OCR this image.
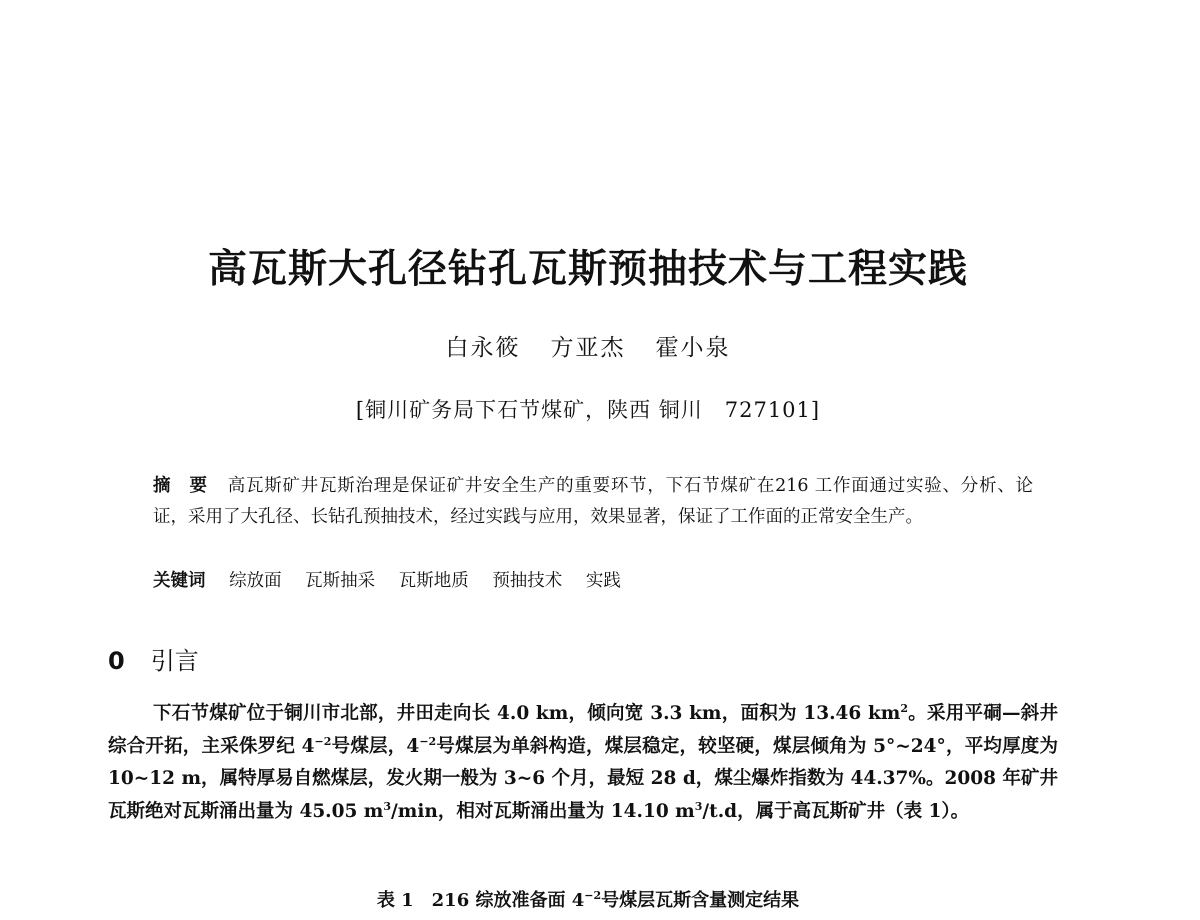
高瓦斯大孔径钻孔瓦斯预抽技术与工程实践
白永筱 方亚杰 霍小泉
[铜川矿务局下石节煤矿，陕西 铜川　727101]
摘　要 高瓦斯矿井瓦斯治理是保证矿井安全生产的重要环节，下石节煤矿在216 工作面通过实验、分析、论证，采用了大孔径、长钻孔预抽技术，经过实践与应用，效果显著，保证了工作面的正常安全生产。
关键词 综放面 瓦斯抽采 瓦斯地质 预抽技术 实践
0 引言

下石节煤矿位于铜川市北部，井田走向长 4.0 km，倾向宽 3.3 km，面积为 13.46 $km^2$。采用平硐—斜井综合开拓，主采侏罗纪 $4^{-2}$号煤层，$4^{-2}$号煤层为单斜构造，煤层稳定，较坚硬，煤层倾角为 5°~24°，平均厚度为 10~12 m，属特厚易自燃煤层，发火期一般为 3~6 个月，最短 28 d，煤尘爆炸指数为 44.37%。2008 年矿井瓦斯绝对瓦斯涌出量为 45.05 $m^3/\min$，相对瓦斯涌出量为 14.10 $m^3/t.d$，属于高瓦斯矿井（表 1）。

表 1 216 综放准备面 $4^{-2}$号煤层瓦斯含量测定结果
